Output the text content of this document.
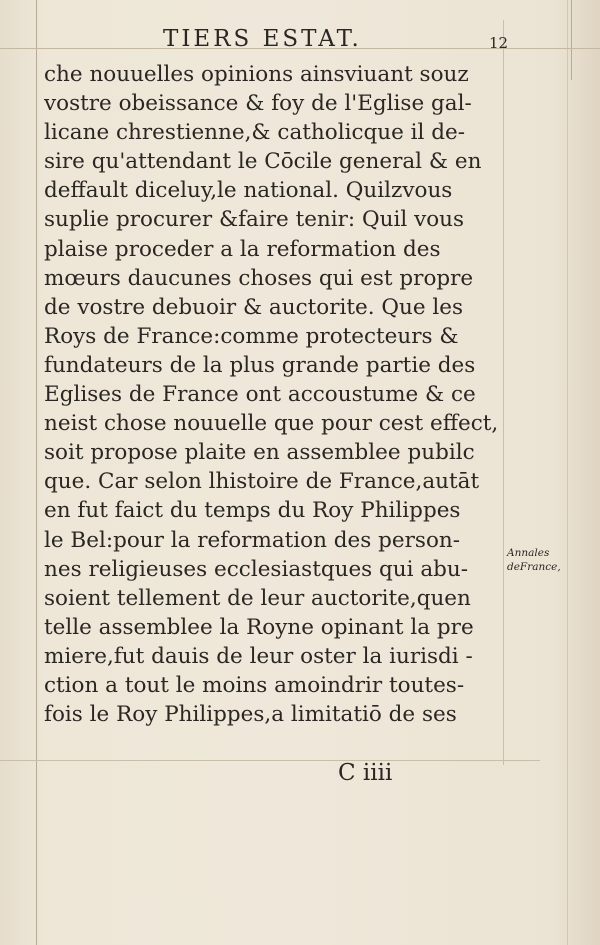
TIERS ESTAT.	12
che nouuelles opinions ainsviuant souz
vostre obeissance & foy de l'Eglise gal-
licane chrestienne,& catholicque il de-
sire qu'attendant le Cōcile general & en
deffault diceluy,le national. Quilzvous
suplie procurer &faire tenir: Quil vous
plaise proceder a la reformation des
mœurs daucunes choses qui est propre
de vostre debuoir & auctorite. Que les
Roys de France:comme protecteurs &
fundateurs de la plus grande partie des
Eglises de France ont accoustume & ce
neist chose nouuelle que pour cest effect,
soit propose plaite en assemblee pubilc
que. Car selon lhistoire de France,autāt
en fut faict du temps du Roy Philippes
le Bel:pour la reformation des person-
nes religieuses ecclesiastques qui abu-
soient tellement de leur auctorite,quen
telle assemblee la Royne opinant la pre
miere,fut dauis de leur oster la iurisdi -
ction a tout le moins amoindrir toutes-
fois le Roy Philippes,a limitatiō de ses
Annales
deFrance,
C iiii
